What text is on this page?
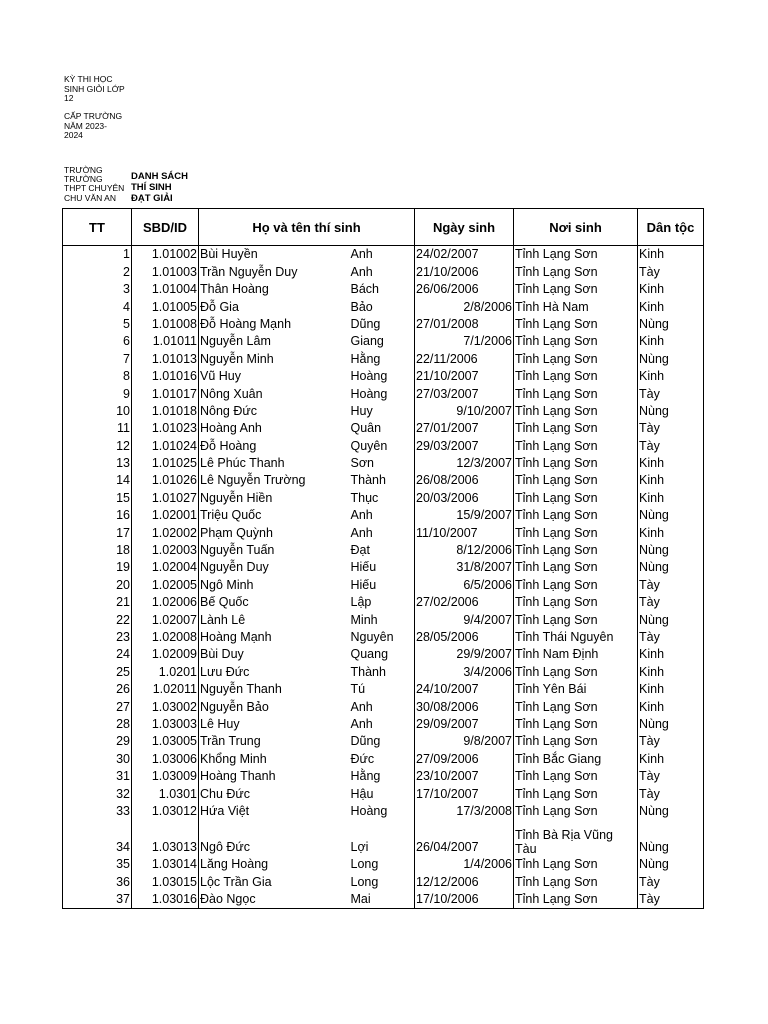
KỲ THI HỌC
SINH GIỎI LỚP
12
CẤP TRƯỜNG
NĂM 2023-
2024
TRƯỜNG
TRƯỜNG
THPT CHUYÊN
CHU VĂN AN
DANH SÁCH
THÍ SINH
ĐẠT GIẢI
TT	SBD/ID	Họ và tên thí sinh		Ngày sinh	Nơi sinh	Dân tộc
1	1.01002	Bùi Huyền	Anh	24/02/2007	Tỉnh Lạng Sơn	Kinh
2	1.01003	Trần Nguyễn Duy	Anh	21/10/2006	Tỉnh Lạng Sơn	Tày
3	1.01004	Thân Hoàng	Bách	26/06/2006	Tỉnh Lạng Sơn	Kinh
4	1.01005	Đỗ Gia	Bảo	2/8/2006	Tỉnh Hà Nam	Kinh
5	1.01008	Đỗ Hoàng Mạnh	Dũng	27/01/2008	Tỉnh Lạng Sơn	Nùng
6	1.01011	Nguyễn Lâm	Giang	7/1/2006	Tỉnh Lạng Sơn	Kinh
7	1.01013	Nguyễn Minh	Hằng	22/11/2006	Tỉnh Lạng Sơn	Nùng
8	1.01016	Vũ Huy	Hoàng	21/10/2007	Tỉnh Lạng Sơn	Kinh
9	1.01017	Nông Xuân	Hoàng	27/03/2007	Tỉnh Lạng Sơn	Tày
10	1.01018	Nông Đức	Huy	9/10/2007	Tỉnh Lạng Sơn	Nùng
11	1.01023	Hoàng Anh	Quân	27/01/2007	Tỉnh Lạng Sơn	Tày
12	1.01024	Đỗ Hoàng	Quyên	29/03/2007	Tỉnh Lạng Sơn	Tày
13	1.01025	Lê Phúc Thanh	Sơn	12/3/2007	Tỉnh Lạng Sơn	Kinh
14	1.01026	Lê Nguyễn Trường	Thành	26/08/2006	Tỉnh Lạng Sơn	Kinh
15	1.01027	Nguyễn Hiền	Thục	20/03/2006	Tỉnh Lạng Sơn	Kinh
16	1.02001	Triệu Quốc	Anh	15/9/2007	Tỉnh Lạng Sơn	Nùng
17	1.02002	Phạm Quỳnh	Anh	11/10/2007	Tỉnh Lạng Sơn	Kinh
18	1.02003	Nguyễn Tuấn	Đạt	8/12/2006	Tỉnh Lạng Sơn	Nùng
19	1.02004	Nguyễn Duy	Hiếu	31/8/2007	Tỉnh Lạng Sơn	Nùng
20	1.02005	Ngô Minh	Hiếu	6/5/2006	Tỉnh Lạng Sơn	Tày
21	1.02006	Bế Quốc	Lập	27/02/2006	Tỉnh Lạng Sơn	Tày
22	1.02007	Lành Lê	Minh	9/4/2007	Tỉnh Lạng Sơn	Nùng
23	1.02008	Hoàng Mạnh	Nguyên	28/05/2006	Tỉnh Thái Nguyên	Tày
24	1.02009	Bùi Duy	Quang	29/9/2007	Tỉnh Nam Định	Kinh
25	1.0201	Lưu Đức	Thành	3/4/2006	Tỉnh Lạng Sơn	Kinh
26	1.02011	Nguyễn Thanh	Tú	24/10/2007	Tỉnh Yên Bái	Kinh
27	1.03002	Nguyễn Bảo	Anh	30/08/2006	Tỉnh Lạng Sơn	Kinh
28	1.03003	Lê Huy	Anh	29/09/2007	Tỉnh Lạng Sơn	Nùng
29	1.03005	Trần Trung	Dũng	9/8/2007	Tỉnh Lạng Sơn	Tày
30	1.03006	Khổng Minh	Đức	27/09/2006	Tỉnh Bắc Giang	Kinh
31	1.03009	Hoàng Thanh	Hằng	23/10/2007	Tỉnh Lạng Sơn	Tày
32	1.0301	Chu Đức	Hậu	17/10/2007	Tỉnh Lạng Sơn	Tày
33	1.03012	Hứa Việt	Hoàng	17/3/2008	Tỉnh Lạng Sơn	Nùng
34	1.03013	Ngô Đức	Lợi	26/04/2007	Tỉnh Bà Rịa Vũng Tàu	Nùng
35	1.03014	Lăng Hoàng	Long	1/4/2006	Tỉnh Lạng Sơn	Nùng
36	1.03015	Lộc Trần Gia	Long	12/12/2006	Tỉnh Lạng Sơn	Tày
37	1.03016	Đào Ngọc	Mai	17/10/2006	Tỉnh Lạng Sơn	Tày
